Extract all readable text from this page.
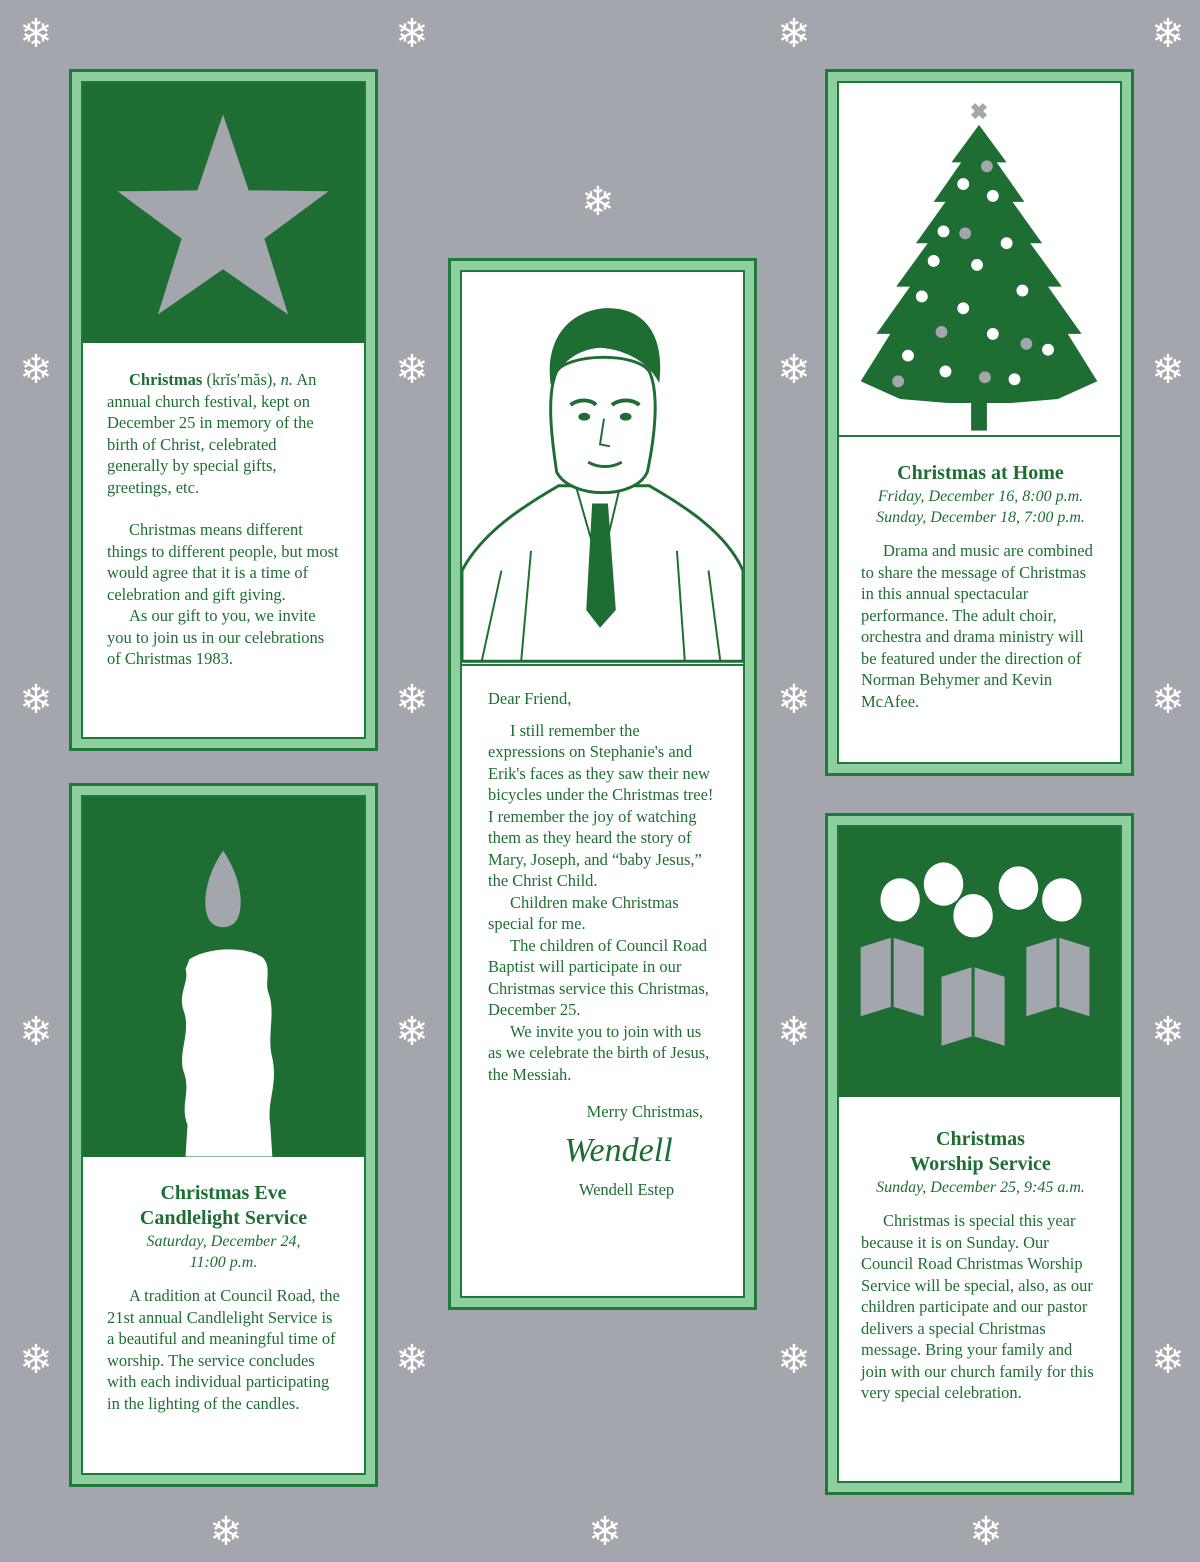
❄	❄	❄	❄
❄
❄	❄	❄	❄
❄	❄	❄	❄
❄	❄	❄	❄
❄	❄	❄	❄
❄	❄	❄

Christmas (krĭs′măs), n. An annual church festival, kept on December 25 in memory of the birth of Christ, celebrated generally by special gifts, greetings, etc.

Christmas means different things to different people, but most would agree that it is a time of celebration and gift giving.

As our gift to you, we invite you to join us in our celebrations of Christmas 1983.

Christmas Eve

Candlelight Service

Saturday, December 24,

11:00 p.m.

A tradition at Council Road, the 21st annual Candlelight Service is a beautiful and meaningful time of worship. The service concludes with each individual participating in the lighting of the candles.

Dear Friend,

I still remember the expressions on Stephanie's and Erik's faces as they saw their new bicycles under the Christmas tree! I remember the joy of watching them as they heard the story of Mary, Joseph, and “baby Jesus,” the Christ Child.

Children make Christmas special for me.

The children of Council Road Baptist will participate in our Christmas service this Christmas, December 25.

We invite you to join with us as we celebrate the birth of Jesus, the Messiah.

Merry Christmas,

Wendell

Wendell Estep

Christmas at Home

Friday, December 16, 8:00 p.m.

Sunday, December 18, 7:00 p.m.

Drama and music are combined to share the message of Christmas in this annual spectacular performance. The adult choir, orchestra and drama ministry will be featured under the direction of Norman Behymer and Kevin McAfee.

Christmas

Worship Service

Sunday, December 25, 9:45 a.m.

Christmas is special this year because it is on Sunday. Our Council Road Christmas Worship Service will be special, also, as our children participate and our pastor delivers a special Christmas message. Bring your family and join with our church family for this very special celebration.
